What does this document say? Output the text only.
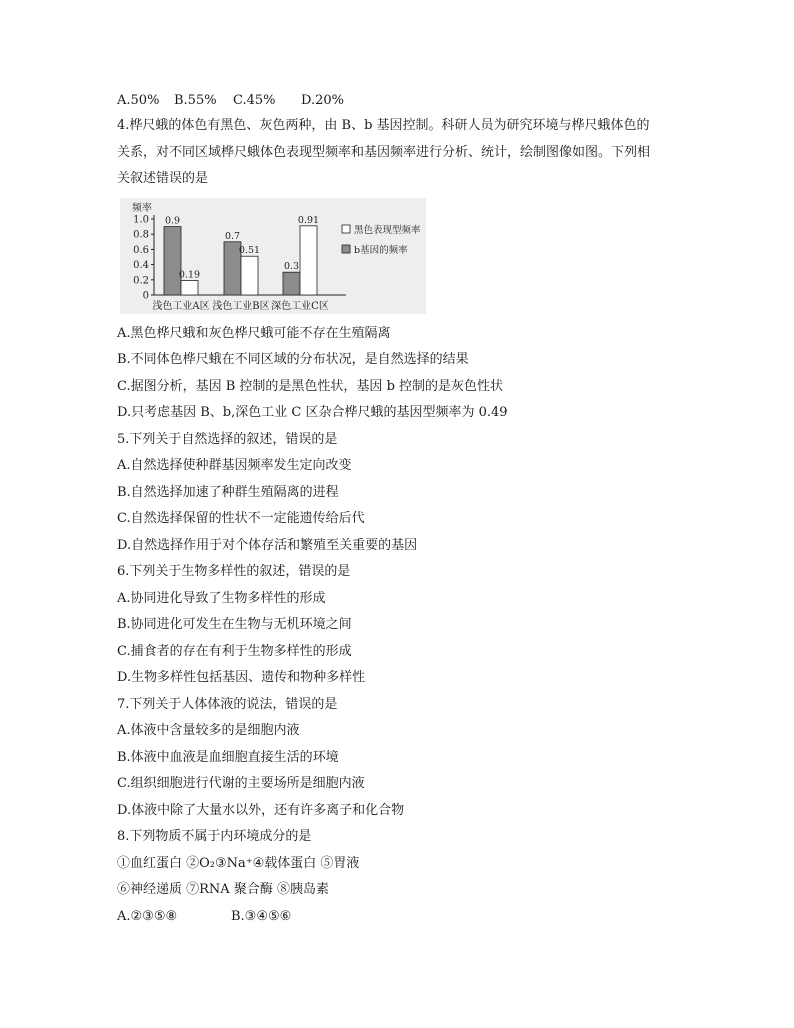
A.50% B.55% C.45% D.20%
4.桦尺蛾的体色有黑色、灰色两种，由 B、b 基因控制。科研人员为研究环境与桦尺蛾体色的
关系，对不同区域桦尺蛾体色表现型频率和基因频率进行分析、统计，绘制图像如图。下列相
关叙述错误的是
频率
1.0
0.8
0.6
0.4
0.2
0
0.9
0.19
浅色工业A区
0.7
0.51
浅色工业B区
0.3
0.91
深色工业C区
黑色表现型频率
b基因的频率
A.黑色桦尺蛾和灰色桦尺蛾可能不存在生殖隔离
B.不同体色桦尺蛾在不同区域的分布状况，是自然选择的结果
C.据图分析，基因 B 控制的是黑色性状，基因 b 控制的是灰色性状
D.只考虑基因 B、b,深色工业 C 区杂合桦尺蛾的基因型频率为 0.49
5.下列关于自然选择的叙述，错误的是
A.自然选择使种群基因频率发生定向改变
B.自然选择加速了种群生殖隔离的进程
C.自然选择保留的性状不一定能遗传给后代
D.自然选择作用于对个体存活和繁殖至关重要的基因
6.下列关于生物多样性的叙述，错误的是
A.协同进化导致了生物多样性的形成
B.协同进化可发生在生物与无机环境之间
C.捕食者的存在有利于生物多样性的形成
D.生物多样性包括基因、遗传和物种多样性
7.下列关于人体体液的说法，错误的是
A.体液中含量较多的是细胞内液
B.体液中血液是血细胞直接生活的环境
C.组织细胞进行代谢的主要场所是细胞内液
D.体液中除了大量水以外，还有许多离子和化合物
8.下列物质不属于内环境成分的是
①血红蛋白 ②O₂③Na⁺④载体蛋白 ⑤胃液
⑥神经递质 ⑦RNA 聚合酶 ⑧胰岛素
A.②③⑤⑧	B.③④⑤⑥
